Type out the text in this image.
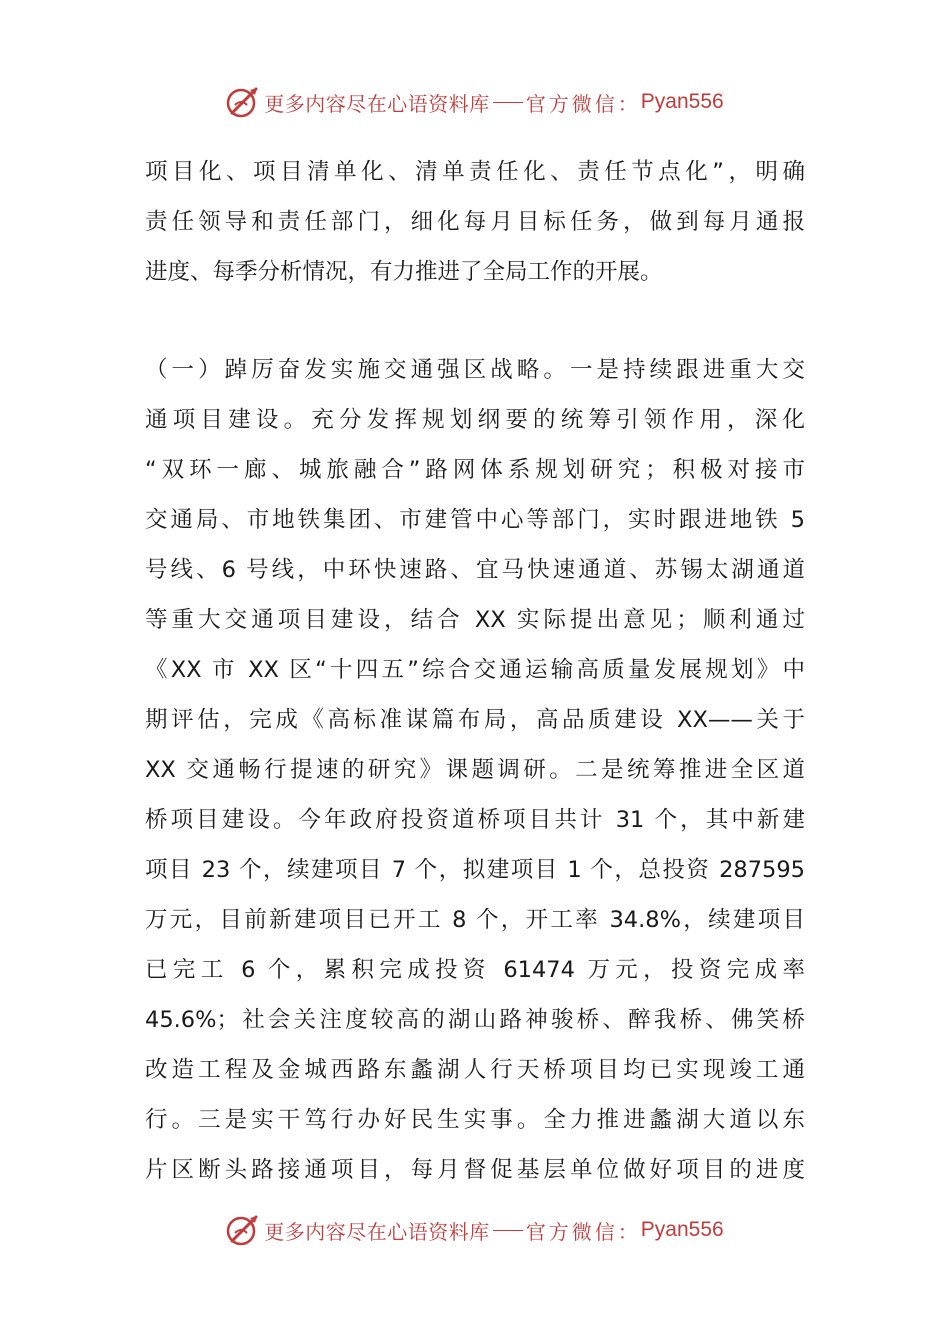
更多内容尽在心语资料库 官方微信： Pyan556
项目化、项目清单化、清单责任化、责任节点化”，明确
责任领导和责任部门，细化每月目标任务，做到每月通报
进度、每季分析情况，有力推进了全局工作的开展。
（一）踔厉奋发实施交通强区战略。一是持续跟进重大交
通项目建设。充分发挥规划纲要的统筹引领作用，深化
“双环一廊、城旅融合”路网体系规划研究；积极对接市
交通局、市地铁集团、市建管中心等部门，实时跟进地铁 5
号线、6 号线，中环快速路、宜马快速通道、苏锡太湖通道
等重大交通项目建设，结合 XX 实际提出意见；顺利通过
《XX 市 XX 区“十四五”综合交通运输高质量发展规划》中
期评估，完成《高标准谋篇布局，高品质建设 XX——关于
XX 交通畅行提速的研究》课题调研。二是统筹推进全区道
桥项目建设。今年政府投资道桥项目共计 31 个，其中新建
项目 23 个，续建项目 7 个，拟建项目 1 个，总投资 287595
万元，目前新建项目已开工 8 个，开工率 34.8%，续建项目
已完工 6 个，累积完成投资 61474 万元，投资完成率
45.6%；社会关注度较高的湖山路神骏桥、醉我桥、佛笑桥
改造工程及金城西路东蠡湖人行天桥项目均已实现竣工通
行。三是实干笃行办好民生实事。全力推进蠡湖大道以东
片区断头路接通项目，每月督促基层单位做好项目的进度
更多内容尽在心语资料库 官方微信： Pyan556
